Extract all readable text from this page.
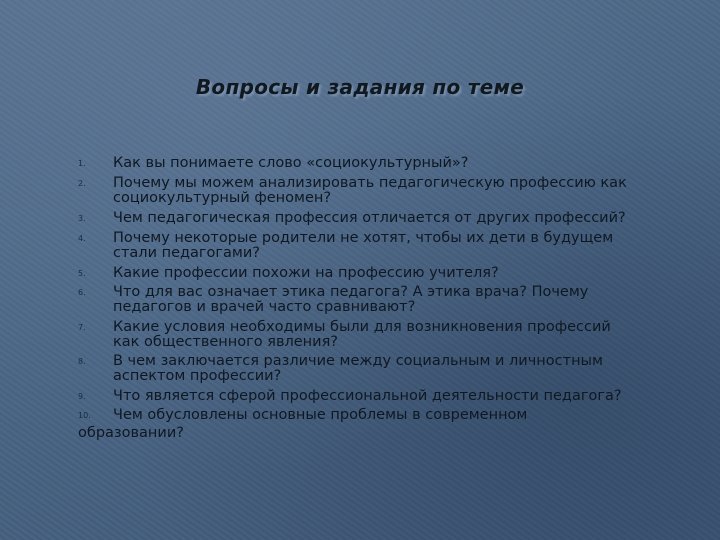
Вопросы и задания по теме
1.	Как вы понимаете слово «социокультурный»?
2.	Почему мы можем анализировать педагогическую профессию как
социокультурный феномен?
3.	Чем педагогическая профессия отличается от других профессий?
4.	Почему некоторые родители не хотят, чтобы их дети в будущем
стали педагогами?
5.	Какие профессии похожи на профессию учителя?
6.	Что для вас означает этика педагога? А этика врача? Почему
педагогов и врачей часто сравнивают?
7.	Какие условия необходимы были для возникновения профессий
как общественного явления?
8.	В чем заключается различие между социальным и личностным
аспектом профессии?
9.	Что является сферой профессиональной деятельности педагога?
10.	Чем обусловлены основные проблемы в современном
образовании?
